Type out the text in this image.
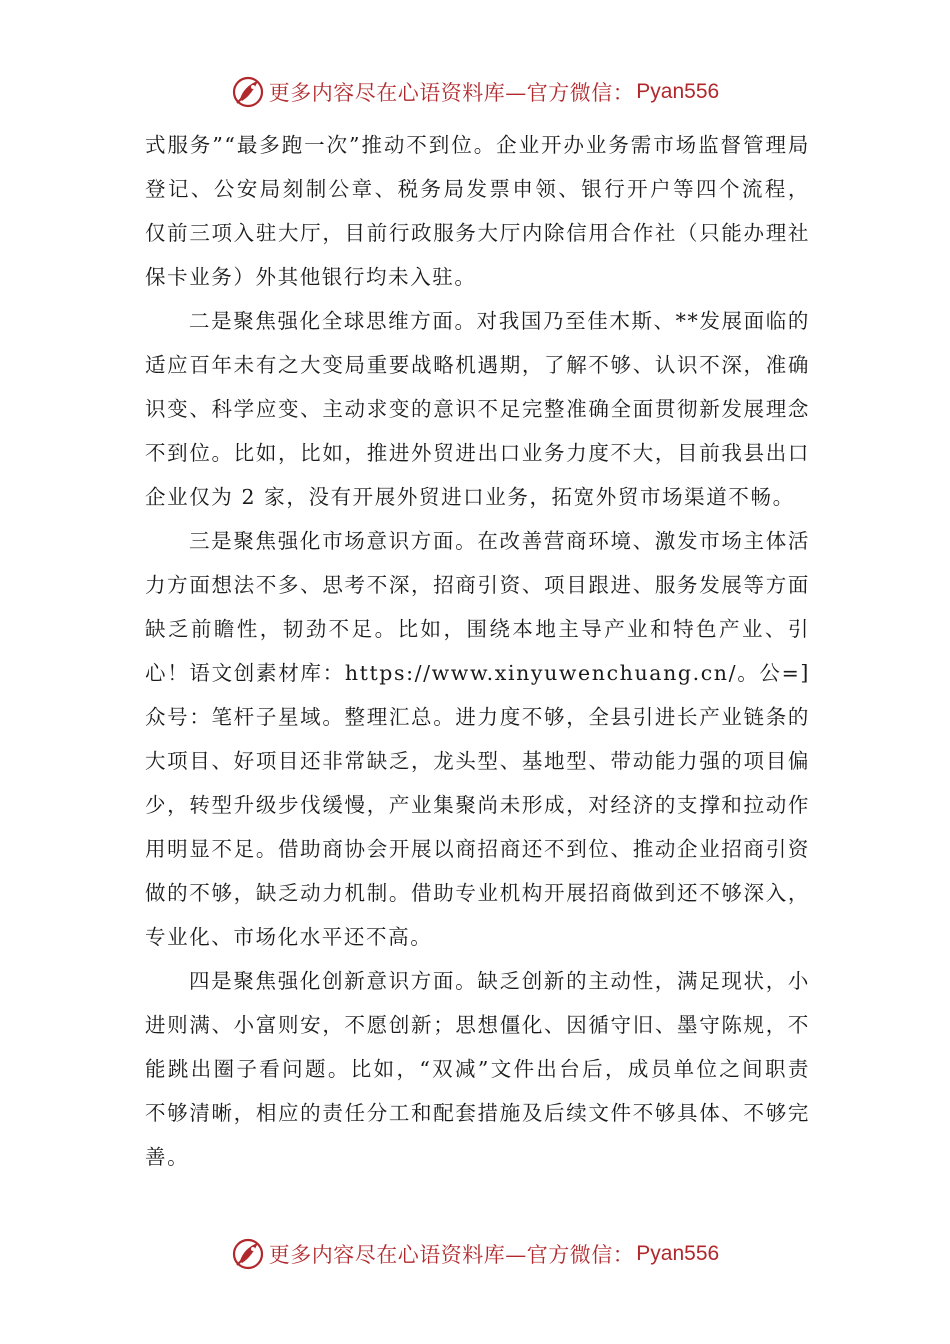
更多内容尽在心语资料库—官方微信： Pyan556

式服务”“最多跑一次”推动不到位。企业开办业务需市场监督管理局登记、公安局刻制公章、税务局发票申领、银行开户等四个流程， 仅前三项入驻大厅，目前行政服务大厅内除信用合作社（只能办理社保卡业务）外其他银行均未入驻。

二是聚焦强化全球思维方面。对我国乃至佳木斯、**发展面临的适应百年未有之大变局重要战略机遇期，了解不够、认识不深，准确识变、科学应变、主动求变的意识不足完整准确全面贯彻新发展理念不到位。比如，比如，推进外贸进出口业务力度不大，目前我县出口企业仅为 2 家，没有开展外贸进口业务，拓宽外贸市场渠道不畅。

三是聚焦强化市场意识方面。在改善营商环境、激发市场主体活力方面想法不多、思考不深，招商引资、项目跟进、服务发展等方面缺乏前瞻性，韧劲不足。比如，围绕本地主导产业和特色产业、引心！语文创素材库：https://www.xinyuwenchuang.cn/。公=]众号：笔杆子星域。整理汇总。进力度不够，全县引进长产业链条的大项目、好项目还非常缺乏，龙头型、基地型、带动能力强的项目偏少，转型升级步伐缓慢，产业集聚尚未形成，对经济的支撑和拉动作用明显不足。借助商协会开展以商招商还不到位、推动企业招商引资做的不够，缺乏动力机制。借助专业机构开展招商做到还不够深入，专业化、市场化水平还不高。

四是聚焦强化创新意识方面。缺乏创新的主动性，满足现状，小进则满、小富则安，不愿创新；思想僵化、因循守旧、墨守陈规，不能跳出圈子看问题。比如，“双减”文件出台后，成员单位之间职责不够清晰，相应的责任分工和配套措施及后续文件不够具体、不够完善。

更多内容尽在心语资料库—官方微信： Pyan556
